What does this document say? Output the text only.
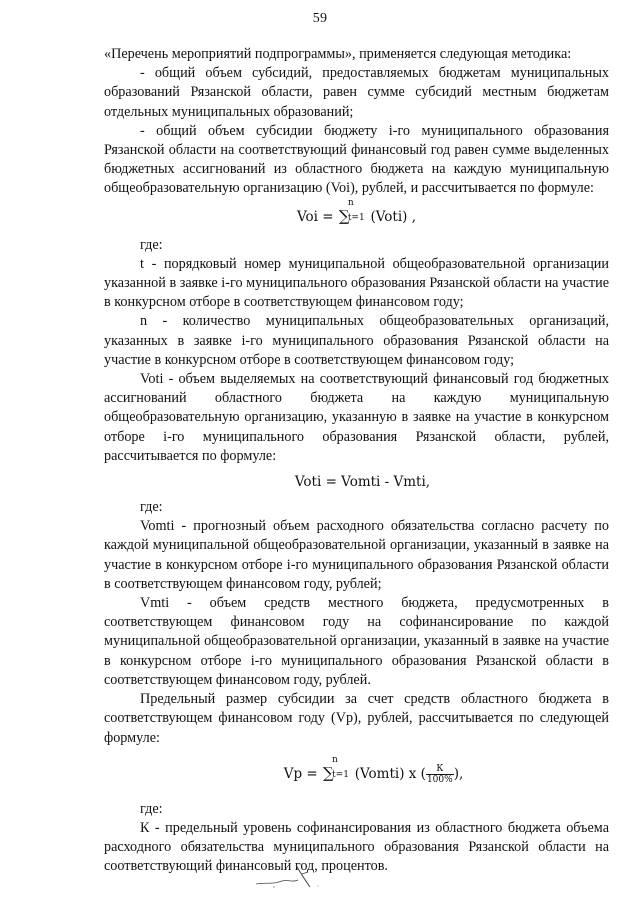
59

«Перечень мероприятий подпрограммы», применяется следующая методика:

- общий объем субсидий, предоставляемых бюджетам муниципальных образований Рязанской области, равен сумме субсидий местным бюджетам отдельных муниципальных образований;

- общий объем субсидии бюджету i-го муниципального образования Рязанской области на соответствующий финансовый год равен сумме выделенных бюджетных ассигнований из областного бюджета на каждую муниципальную общеобразовательную организацию (Voi), рублей, и рассчитывается по формуле:

Voi = ∑
n
t=1 (Voti) ,

где:

t - порядковый номер муниципальной общеобразовательной организации указанной в заявке i-го муниципального образования Рязанской области на участие в конкурсном отборе в соответствующем финансовом году;

n - количество муниципальных общеобразовательных организаций, указанных в заявке i-го муниципального образования Рязанской области на участие в конкурсном отборе в соответствующем финансовом году;

Voti - объем выделяемых на соответствующий финансовый год бюджетных ассигнований областного бюджета на каждую муниципальную общеобразовательную организацию, указанную в заявке на участие в конкурсном отборе i-го муниципального образования Рязанской области, рублей, рассчитывается по формуле:

Voti = Vomti - Vmti,

где:

Vomti - прогнозный объем расходного обязательства согласно расчету по каждой муниципальной общеобразовательной организации, указанный в заявке на участие в конкурсном отборе i-го муниципального образования Рязанской области в соответствующем финансовом году, рублей;

Vmti - объем средств местного бюджета, предусмотренных в соответствующем финансовом году на софинансирование по каждой муниципальной общеобразовательной организации, указанный в заявке на участие в конкурсном отборе i-го муниципального образования Рязанской области в соответствующем финансовом году, рублей.

Предельный размер субсидии за счет средств областного бюджета в соответствующем финансовом году (Vp), рублей, рассчитывается по следующей формуле:

Vp = ∑
n
t=1 (Vomti) x ( $\frac{К}{100\%}$ ),

где:

К - предельный уровень софинансирования из областного бюджета объема расходного обязательства муниципального образования Рязанской области на соответствующий финансовый год, процентов.
